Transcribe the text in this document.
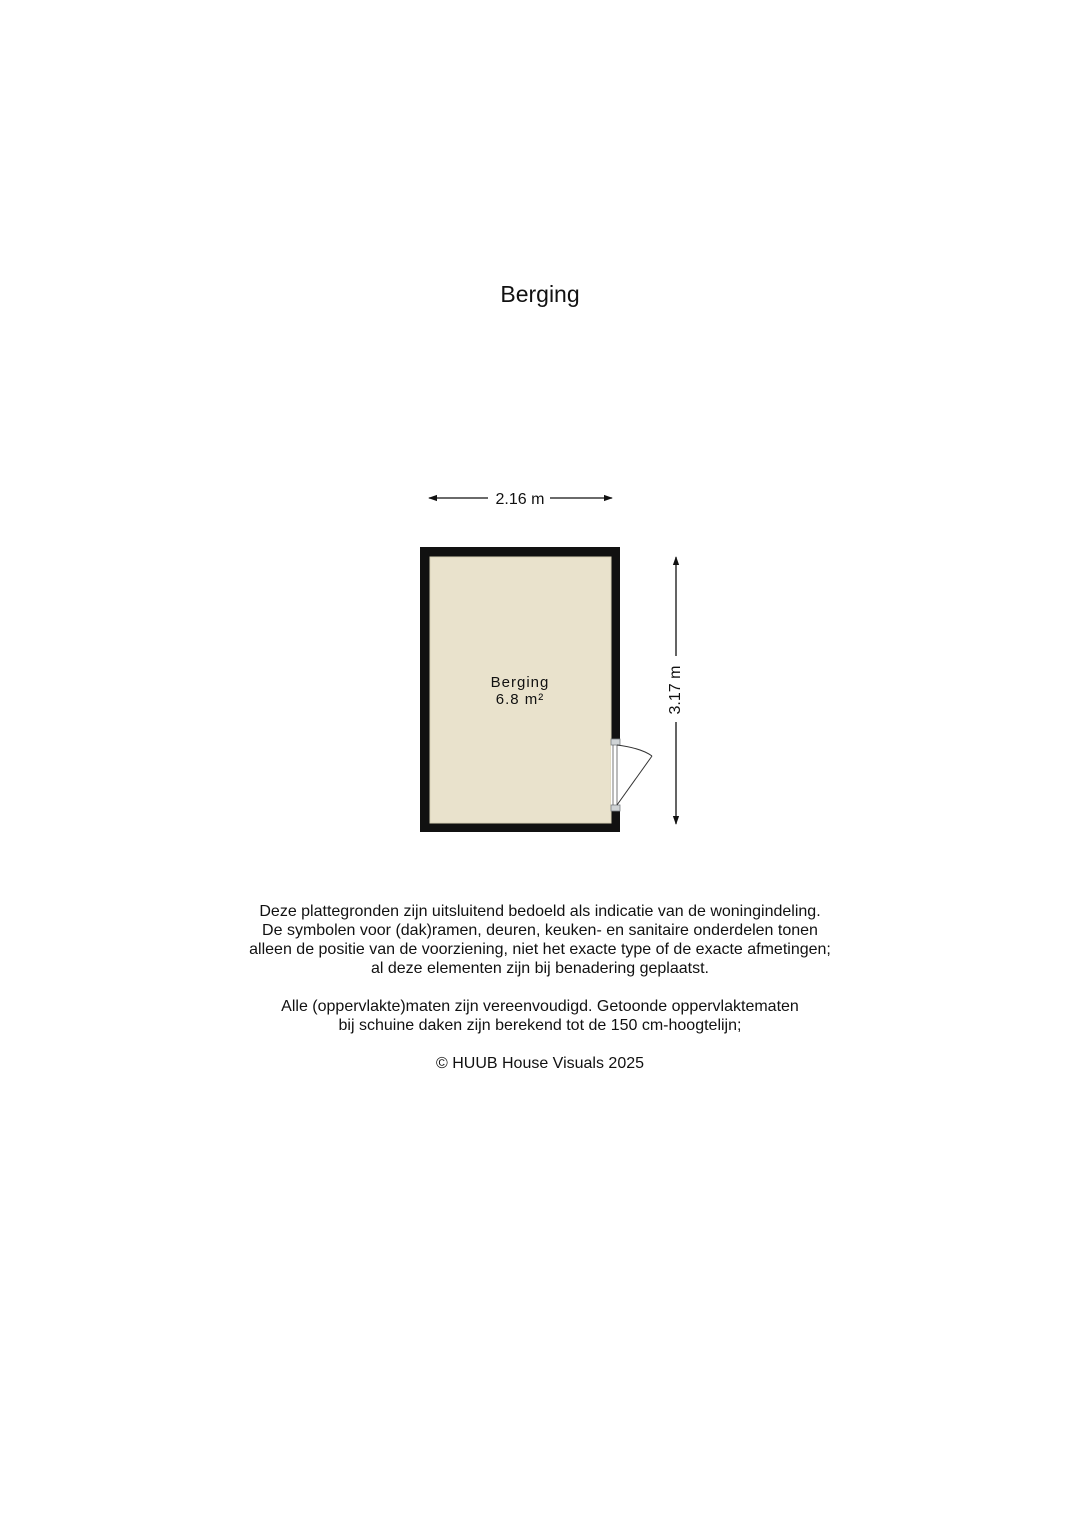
Berging
2.16 m
Berging
6.8 m²	3.17 m
Deze plattegronden zijn uitsluitend bedoeld als indicatie van de woningindeling.
De symbolen voor (dak)ramen, deuren, keuken- en sanitaire onderdelen tonen
alleen de positie van de voorziening, niet het exacte type of de exacte afmetingen;
al deze elementen zijn bij benadering geplaatst.
Alle (oppervlakte)maten zijn vereenvoudigd. Getoonde oppervlaktematen
bij schuine daken zijn berekend tot de 150 cm-hoogtelijn;
© HUUB House Visuals 2025
